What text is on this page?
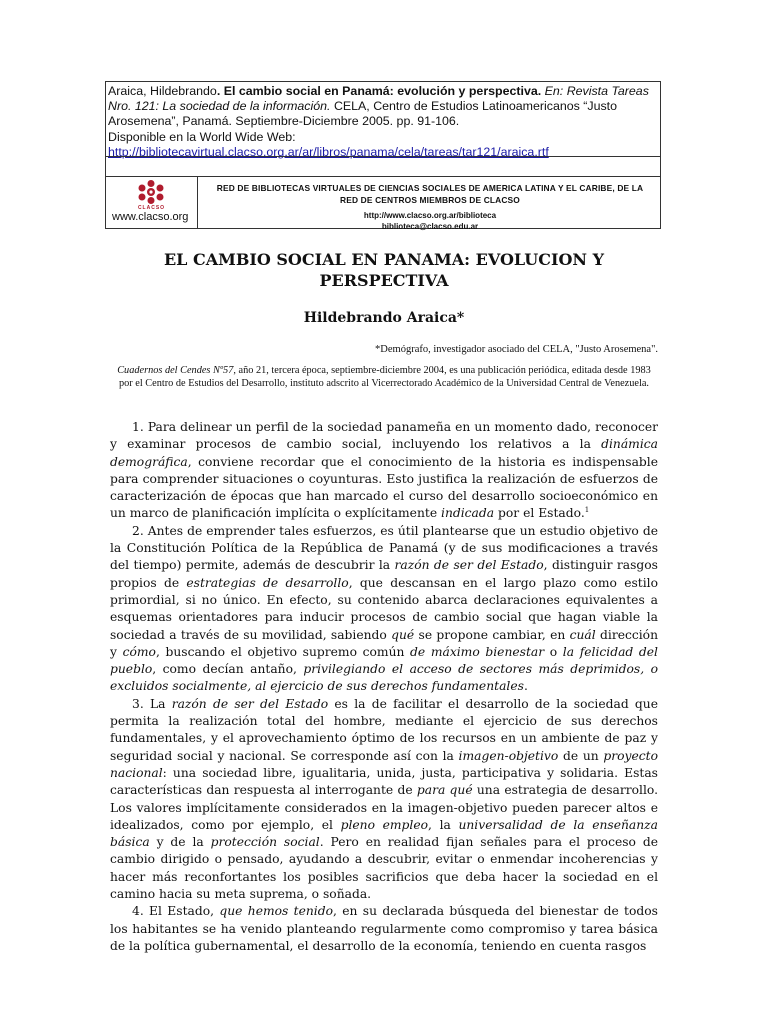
Araica, Hildebrando. El cambio social en Panamá: evolución y perspectiva. En: Revista Tareas Nro. 121: La sociedad de la información. CELA, Centro de Estudios Latinoamericanos “Justo Arosemena”, Panamá. Septiembre-Diciembre 2005. pp. 91-106.
Disponible en la World Wide Web:
http://bibliotecavirtual.clacso.org.ar/ar/libros/panama/cela/tareas/tar121/araica.rtf
CLACSO
www.clacso.org
RED DE BIBLIOTECAS VIRTUALES DE CIENCIAS SOCIALES DE AMERICA LATINA Y EL CARIBE, DE LA RED DE CENTROS MIEMBROS DE CLACSO
http://www.clacso.org.ar/biblioteca
biblioteca@clacso.edu.ar
EL CAMBIO SOCIAL EN PANAMA: EVOLUCION Y PERSPECTIVA
Hildebrando Araica*
*Demógrafo, investigador asociado del CELA, "Justo Arosemena".
Cuadernos del Cendes Nº57, año 21, tercera época, septiembre-diciembre 2004, es una publicación periódica, editada desde 1983 por el Centro de Estudios del Desarrollo, instituto adscrito al Vicerrectorado Académico de la Universidad Central de Venezuela.

1. Para delinear un perfil de la sociedad panameña en un momento dado, reconocer y examinar procesos de cambio social, incluyendo los relativos a la dinámica demográfica, conviene recordar que el conocimiento de la historia es indispensable para comprender situaciones o coyunturas. Esto justifica la realización de esfuerzos de caracterización de épocas que han marcado el curso del desarrollo socioeconómico en un marco de planificación implícita o explícitamente indicada por el Estado.$^1$

2. Antes de emprender tales esfuerzos, es útil plantearse que un estudio objetivo de la Constitución Política de la República de Panamá (y de sus modificaciones a través del tiempo) permite, además de descubrir la razón de ser del Estado, distinguir rasgos propios de estrategias de desarrollo, que descansan en el largo plazo como estilo primordial, si no único. En efecto, su contenido abarca declaraciones equivalentes a esquemas orientadores para inducir procesos de cambio social que hagan viable la sociedad a través de su movilidad, sabiendo qué se propone cambiar, en cuál dirección y cómo, buscando el objetivo supremo común de máximo bienestar o la felicidad del pueblo, como decían antaño, privilegiando el acceso de sectores más deprimidos, o excluidos socialmente, al ejercicio de sus derechos fundamentales.

3. La razón de ser del Estado es la de facilitar el desarrollo de la sociedad que permita la realización total del hombre, mediante el ejercicio de sus derechos fundamentales, y el aprovechamiento óptimo de los recursos en un ambiente de paz y seguridad social y nacional. Se corresponde así con la imagen-objetivo de un proyecto nacional: una sociedad libre, igualitaria, unida, justa, participativa y solidaria. Estas características dan respuesta al interrogante de para qué una estrategia de desarrollo. Los valores implícitamente considerados en la imagen-objetivo pueden parecer altos e idealizados, como por ejemplo, el pleno empleo, la universalidad de la enseñanza básica y de la protección social. Pero en realidad fijan señales para el proceso de cambio dirigido o pensado, ayudando a descubrir, evitar o enmendar incoherencias y hacer más reconfortantes los posibles sacrificios que deba hacer la sociedad en el camino hacia su meta suprema, o soñada.

4. El Estado, que hemos tenido, en su declarada búsqueda del bienestar de todos los habitantes se ha venido planteando regularmente como compromiso y tarea básica de la política gubernamental, el desarrollo de la economía, teniendo en cuenta rasgos
